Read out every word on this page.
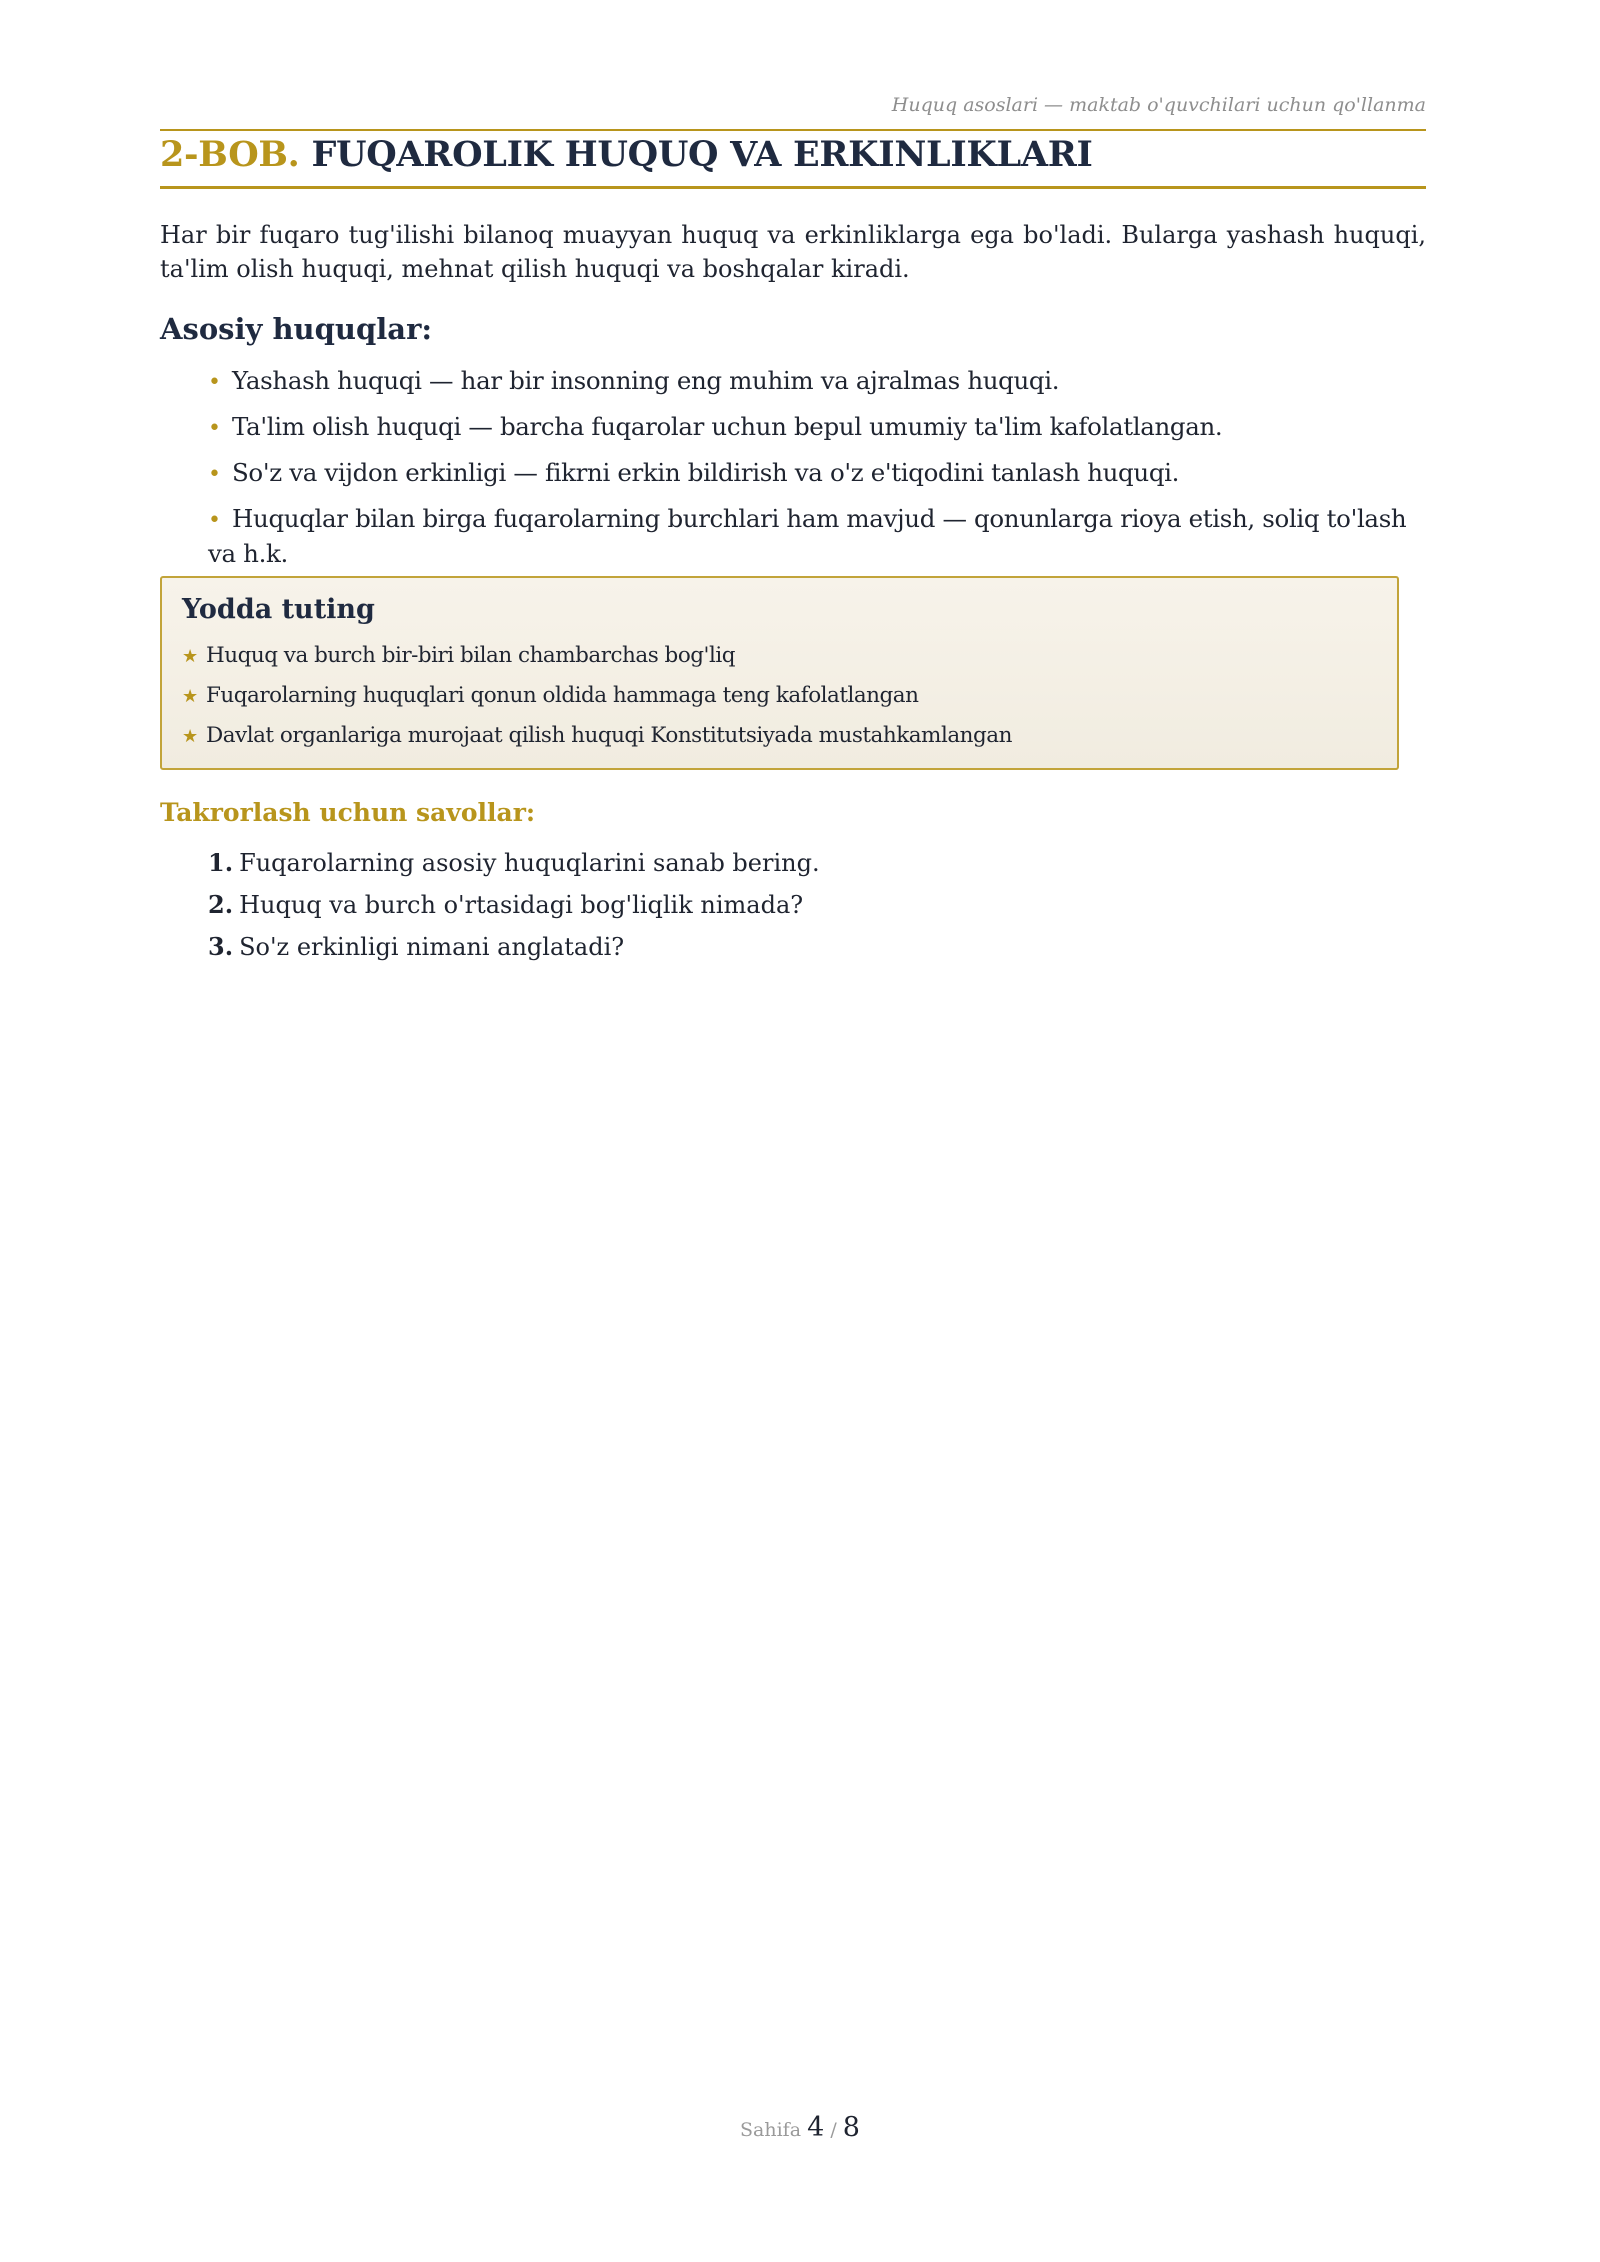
Huquq asoslari — maktab o'quvchilari uchun qo'llanma
2-BOB. FUQAROLIK HUQUQ VA ERKINLIKLARI

Har bir fuqaro tug'ilishi bilanoq muayyan huquq va erkinliklarga ega bo'ladi. Bularga yashash huquqi, ta'lim olish huquqi, mehnat qilish huquqi va boshqalar kiradi.

Asosiy huquqlar:
• Yashash huquqi — har bir insonning eng muhim va ajralmas huquqi.
• Ta'lim olish huquqi — barcha fuqarolar uchun bepul umumiy ta'lim kafolatlangan.
• So'z va vijdon erkinligi — fikrni erkin bildirish va o'z e'tiqodini tanlash huquqi.
• Huquqlar bilan birga fuqarolarning burchlari ham mavjud — qonunlarga rioya etish, soliq to'lash va h.k.
Yodda tuting
★ Huquq va burch bir-biri bilan chambarchas bog'liq
★ Fuqarolarning huquqlari qonun oldida hammaga teng kafolatlangan
★ Davlat organlariga murojaat qilish huquqi Konstitutsiyada mustahkamlangan
Takrorlash uchun savollar:
1. Fuqarolarning asosiy huquqlarini sanab bering.
2. Huquq va burch o'rtasidagi bog'liqlik nimada?
3. So'z erkinligi nimani anglatadi?
Sahifa 4 / 8
